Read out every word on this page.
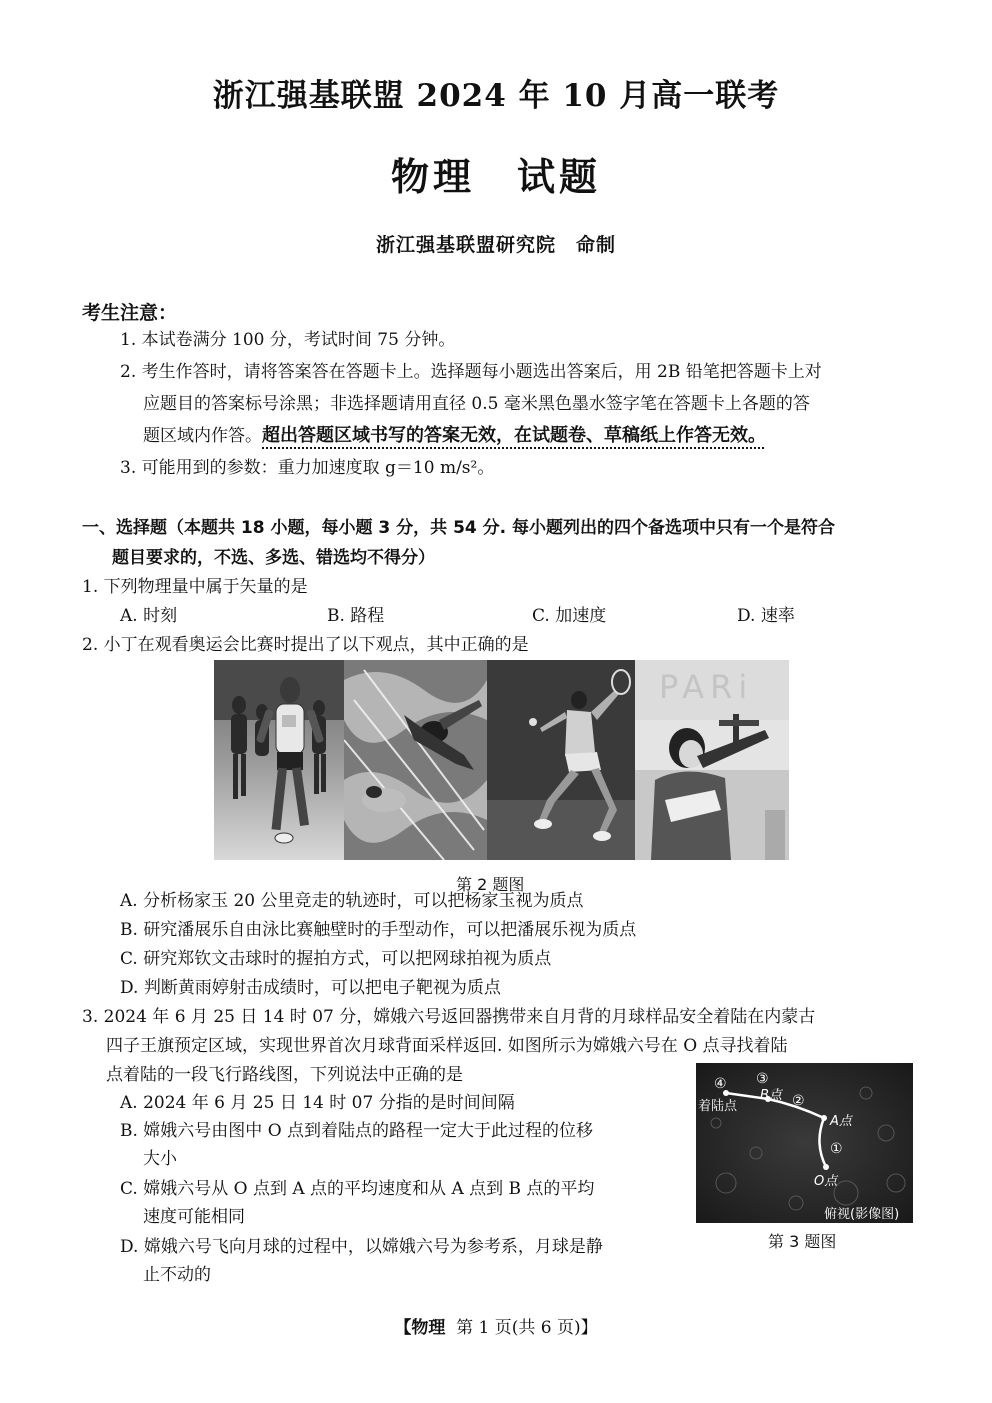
浙江强基联盟 2024 年 10 月高一联考
物理　试题
浙江强基联盟研究院　命制
考生注意：
1. 本试卷满分 100 分，考试时间 75 分钟。
2. 考生作答时，请将答案答在答题卡上。选择题每小题选出答案后，用 2B 铅笔把答题卡上对
应题目的答案标号涂黑；非选择题请用直径 0.5 毫米黑色墨水签字笔在答题卡上各题的答
题区域内作答。超出答题区域书写的答案无效，在试题卷、草稿纸上作答无效。
3. 可能用到的参数：重力加速度取 g＝10 m/s²。
一、选择题（本题共 18 小题，每小题 3 分，共 54 分. 每小题列出的四个备选项中只有一个是符合
题目要求的，不选、多选、错选均不得分）
1. 下列物理量中属于矢量的是
A. 时刻	B. 路程	C. 加速度	D. 速率
2. 小丁在观看奥运会比赛时提出了以下观点，其中正确的是
PARi
第 2 题图
A. 分析杨家玉 20 公里竞走的轨迹时，可以把杨家玉视为质点
B. 研究潘展乐自由泳比赛触壁时的手型动作，可以把潘展乐视为质点
C. 研究郑钦文击球时的握拍方式，可以把网球拍视为质点
D. 判断黄雨婷射击成绩时，可以把电子靶视为质点
3. 2024 年 6 月 25 日 14 时 07 分，嫦娥六号返回器携带来自月背的月球样品安全着陆在内蒙古
四子王旗预定区域，实现世界首次月球背面采样返回. 如图所示为嫦娥六号在 O 点寻找着陆
点着陆的一段飞行路线图，下列说法中正确的是
A. 2024 年 6 月 25 日 14 时 07 分指的是时间间隔
B. 嫦娥六号由图中 O 点到着陆点的路程一定大于此过程的位移
大小
C. 嫦娥六号从 O 点到 A 点的平均速度和从 A 点到 B 点的平均
速度可能相同
D. 嫦娥六号飞向月球的过程中，以嫦娥六号为参考系，月球是静
止不动的
④ ③
②
①
着陆点
B点
A点
O点
俯视(影像图)
第 3 题图
【物理 第 1 页(共 6 页)】
